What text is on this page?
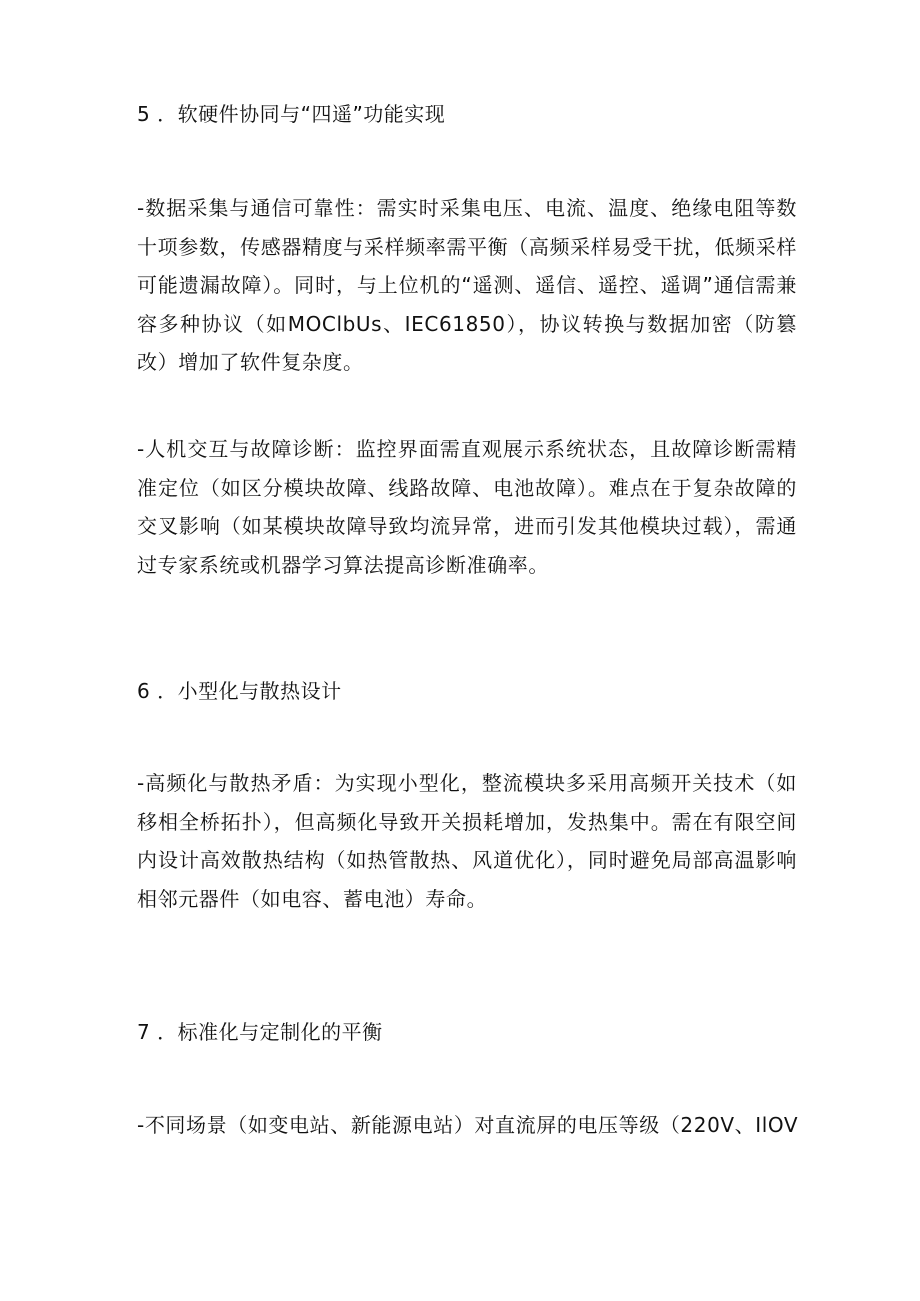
5 ．软硬件协同与“四遥”功能实现
-数据采集与通信可靠性：需实时采集电压、电流、温度、绝缘电阻等数十项参数，传感器精度与采样频率需平衡（高频采样易受干扰，低频采样可能遗漏故障）。同时，与上位机的“遥测、遥信、遥控、遥调”通信需兼容多种协议（如MOClbUs、IEC61850），协议转换与数据加密（防篡改）增加了软件复杂度。
-人机交互与故障诊断：监控界面需直观展示系统状态，且故障诊断需精准定位（如区分模块故障、线路故障、电池故障）。难点在于复杂故障的交叉影响（如某模块故障导致均流异常，进而引发其他模块过载），需通过专家系统或机器学习算法提高诊断准确率。
6 ．小型化与散热设计
-高频化与散热矛盾：为实现小型化，整流模块多采用高频开关技术（如移相全桥拓扑），但高频化导致开关损耗增加，发热集中。需在有限空间内设计高效散热结构（如热管散热、风道优化），同时避免局部高温影响相邻元器件（如电容、蓄电池）寿命。
7 ．标准化与定制化的平衡
-不同场景（如变电站、新能源电站）对直流屏的电压等级（220V、IlOV
